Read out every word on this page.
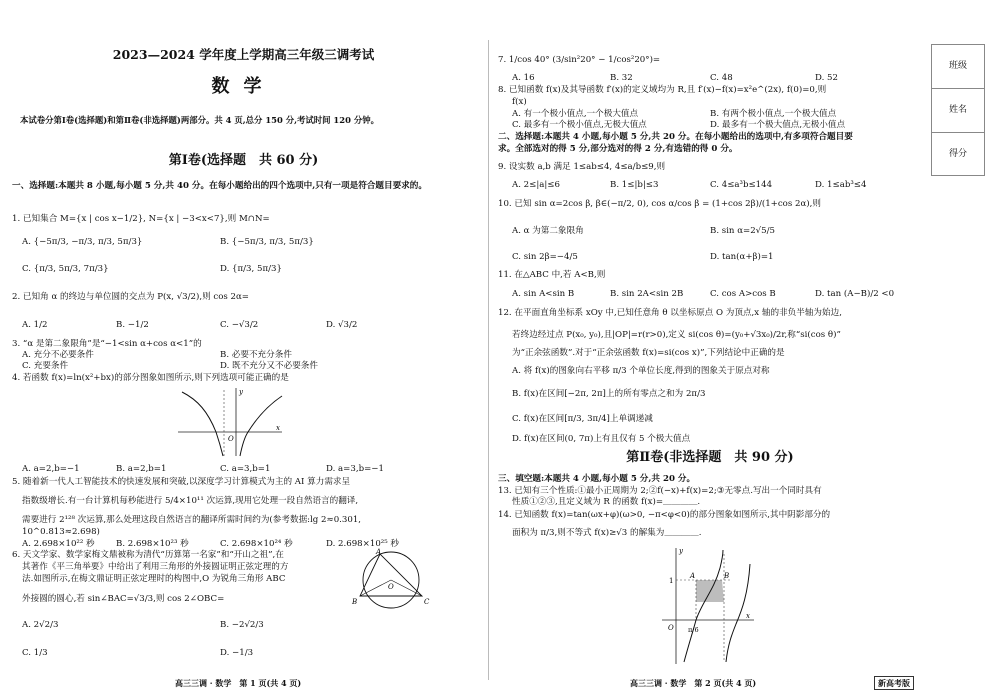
班级
姓名
得分
2023—2024 学年度上学期高三年级三调考试
数学
本试卷分第Ⅰ卷(选择题)和第Ⅱ卷(非选择题)两部分。共 4 页,总分 150 分,考试时间 120 分钟。
第Ⅰ卷(选择题　共 60 分)
一、选择题:本题共 8 小题,每小题 5 分,共 40 分。在每小题给出的四个选项中,只有一项是符合题目要求的。
1. 已知集合 M={x | cos x−1/2}, N={x | −3<x<7},则 M∩N=
A. {−5π/3, −π/3, π/3, 5π/3}	B. {−5π/3, π/3, 5π/3}
C. {π/3, 5π/3, 7π/3}	D. {π/3, 5π/3}
2. 已知角 α 的终边与单位圆的交点为 P(x, √3/2),则 cos 2α=
A. 1/2	B. −1/2	C. −√3/2	D. √3/2
3. “α 是第二象限角”是“−1<sin α+cos α<1”的
A. 充分不必要条件	B. 必要不充分条件
C. 充要条件	D. 既不充分又不必要条件
4. 若函数 f(x)=ln(x²+bx)的部分图象如图所示,则下列选项可能正确的是
O
x
y
A. a=2,b=−1	B. a=2,b=1	C. a=3,b=1	D. a=3,b=−1
5. 随着新一代人工智能技术的快速发展和突破,以深度学习计算模式为主的 AI 算力需求呈
指数级增长.有一台计算机每秒能进行 5/4×10¹¹ 次运算,现用它处理一段自然语言的翻译,
需要进行 2¹²⁸ 次运算,那么处理这段自然语言的翻译所需时间约为(参考数据:lg 2≈0.301,
10^0.813≈2.698)
A. 2.698×10²² 秒 B. 2.698×10²³ 秒	C. 2.698×10²⁴ 秒	D. 2.698×10²⁵ 秒
6. 天文学家、数学家梅文鼎被称为清代“历算第一名家”和“开山之祖”,在
其著作《平三角举要》中给出了利用三角形的外接圆证明正弦定理的方
法.如图所示,在梅文鼎证明正弦定理时的构图中,O 为锐角三角形 ABC
外接圆的圆心,若 sin∠BAC=√3/3,则 cos 2∠OBC=
A
B	C
O
A. 2√2/3	B. −2√2/3
C. 1/3	D. −1/3
高三三调 · 数学　第 1 页(共 4 页)
7. 1/cos 40° (3/sin²20° − 1/cos²20°)=
A. 16	B. 32	C. 48	D. 52
8. 已知函数 f(x)及其导函数 f′(x)的定义域均为 R,且 f′(x)−f(x)=x²e^(2x), f(0)=0,则
f(x)
A. 有一个极小值点,一个极大值点	B. 有两个极小值点,一个极大值点
C. 最多有一个极小值点,无极大值点	D. 最多有一个极大值点,无极小值点
二、选择题:本题共 4 小题,每小题 5 分,共 20 分。在每小题给出的选项中,有多项符合题目要
求。全部选对的得 5 分,部分选对的得 2 分,有选错的得 0 分。
9. 设实数 a,b 满足 1≤ab≤4, 4≤a/b≤9,则
A. 2≤|a|≤6	B. 1≤|b|≤3	C. 4≤a³b≤144	D. 1≤ab³≤4
10. 已知 sin α=2cos β, β∈(−π/2, 0), cos α/cos β = (1+cos 2β)/(1+cos 2α),则
A. α 为第二象限角	B. sin α=2√5/5
C. sin 2β=−4/5	D. tan(α+β)=1
11. 在△ABC 中,若 A<B,则
A. sin A<sin B	B. sin 2A<sin 2B	C. cos A>cos B	D. tan (A−B)/2 <0
12. 在平面直角坐标系 xOy 中,已知任意角 θ 以坐标原点 O 为顶点,x 轴的非负半轴为始边,
若终边经过点 P(x₀, y₀),且|OP|=r(r>0),定义 si(cos θ)=(y₀+√3x₀)/2r,称“si(cos θ)”
为“正余弦函数”.对于“正余弦函数 f(x)=si(cos x)”,下列结论中正确的是
A. 将 f(x)的图象向右平移 π/3 个单位长度,得到的图象关于原点对称
B. f(x)在区间[−2π, 2π]上的所有零点之和为 2π/3
C. f(x)在区间[π/3, 3π/4]上单调递减
D. f(x)在区间(0, 7π)上有且仅有 5 个极大值点
第Ⅱ卷(非选择题　共 90 分)
三、填空题:本题共 4 小题,每小题 5 分,共 20 分。
13. 已知有三个性质:①最小正周期为 2;②f(−x)+f(x)=2;③无零点.写出一个同时具有
性质①②③,且定义域为 R 的函数 f(x)=＿＿＿＿.
14. 已知函数 f(x)=tan(ωx+φ)(ω>0, −π<φ<0)的部分图象如图所示,其中阴影部分的
面积为 π/3,则不等式 f(x)≥√3 的解集为＿＿＿＿.
O
1
x
y
π/6
A	B
高三三调 · 数学　第 2 页(共 4 页)	新高考版
